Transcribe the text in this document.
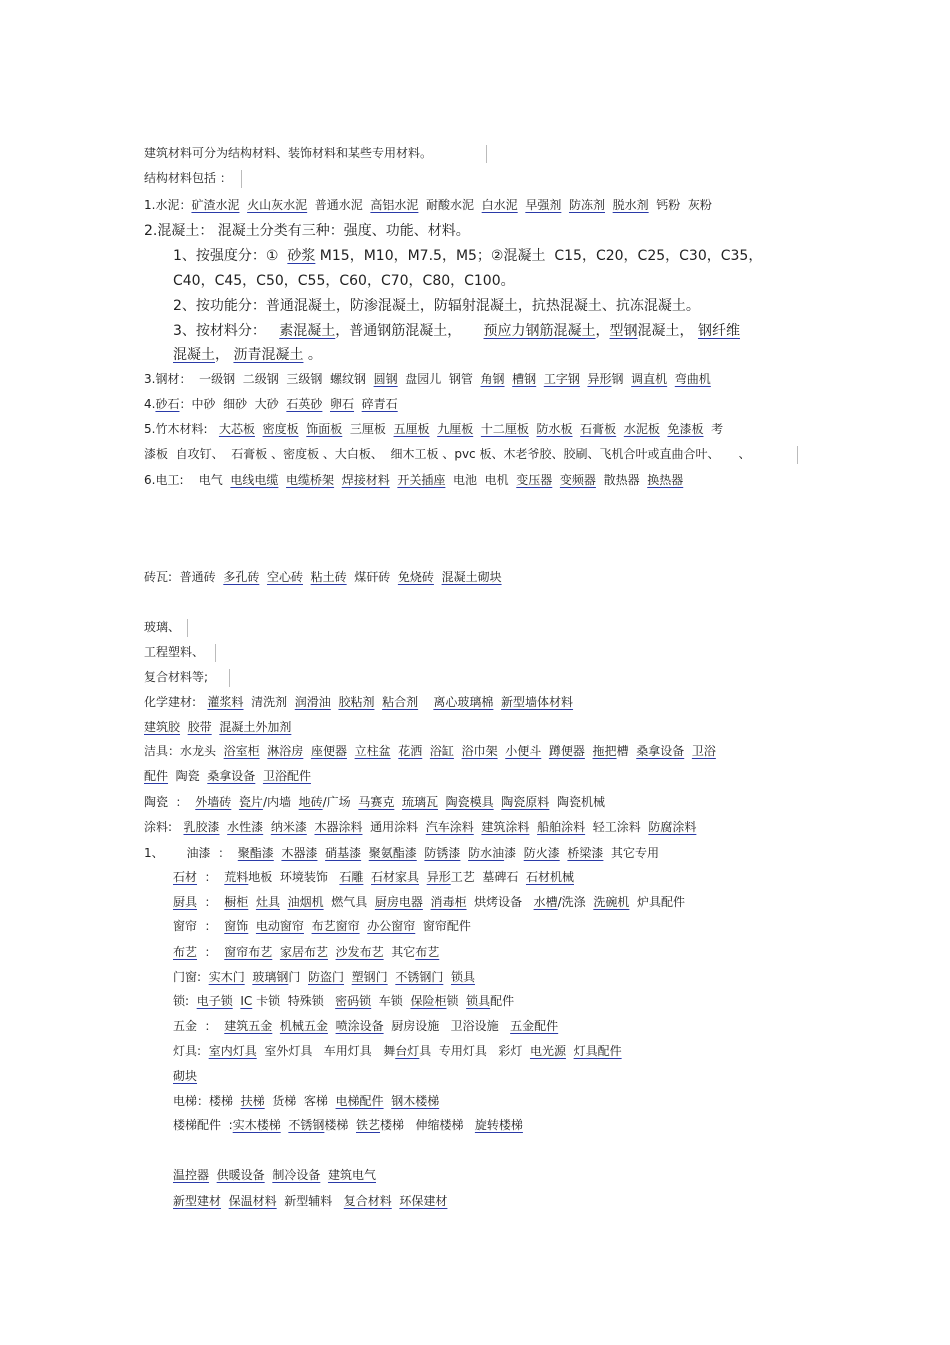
建筑材料可分为结构材料、装饰材料和某些专用材料。
结构材料包括 ：
1.水泥：矿渣水泥 火山灰水泥  普通水泥  高铝水泥  耐酸水泥  白水泥 早强剂 防冻剂 脱水剂  钙粉  灰粉
2.混凝土： 混凝土分类有三种：强度、功能、材料。
1、按强度分：①  砂浆 M15，M10，M7.5，M5；②混凝土  C15，C20，C25，C30，C35，
C40，C45，C50，C55，C60，C70，C80，C100。
2、按功能分：普通混凝土，防渗混凝土，防辐射混凝土，抗热混凝土、抗冻混凝土。
3、按材料分：   素混凝土，普通钢筋混凝土，     预应力钢筋混凝土，型钢混凝土， 钢纤维
混凝土， 沥青混凝土 。
3.钢材：  一级钢  二级钢  三级钢  螺纹钢  圆钢  盘园儿  钢管  角钢 槽钢 工字钢 异形钢  调直机 弯曲机
4.砂石：中砂  细砂  大砂  石英砂 卵石 碎青石
5.竹木材料:   大芯板 密度板 饰面板  三厘板  五厘板 九厘板 十二厘板 防水板 石膏板 水泥板 免漆板  考
漆板  自攻钉、  石膏板 、密度板 、大白板、  细木工板 、pvc 板、木老爷胶、胶刷、飞机合叶或直曲合叶、     、
6.电工:    电气  电线电缆 电缆桥架 焊接材料 开关插座  电池  电机  变压器 变频器  散热器  换热器
砖瓦:  普通砖  多孔砖 空心砖 粘土砖  煤矸砖  免烧砖 混凝土砌块
玻璃、
工程塑料、
复合材料等;
化学建材:   灌浆料  清洗剂  润滑油 胶粘剂 粘合剂 离心玻璃棉 新型墙体材料
建筑胶 胶带 混凝土外加剂
洁具：水龙头  浴室柜 淋浴房 座便器 立柱盆 花洒 浴缸 浴巾架 小便斗 蹲便器 拖把槽  桑拿设备 卫浴
配件  陶瓷  桑拿设备 卫浴配件
陶瓷  ：  外墙砖 瓷片/内墙  地砖/广场  马赛克 琉璃瓦 陶瓷模具 陶瓷原料  陶瓷机械
涂料:   乳胶漆 水性漆 纳米漆 木器涂料  通用涂料  汽车涂料 建筑涂料 船舶涂料  轻工涂料  防腐涂料
1、      油漆  ：  聚酯漆 木器漆 硝基漆 聚氨酯漆 防锈漆 防水油漆  防火漆 桥梁漆  其它专用
石材  ：  荒料地板  环境装饰   石雕 石材家具 异形工艺  墓碑石  石材机械
厨具  ：  橱柜 灶具 油烟机  燃气具  厨房电器 消毒柜  烘烤设备   水槽/洗涤  洗碗机  炉具配件
窗帘  ：  窗饰 电动窗帘 布艺窗帘 办公窗帘  窗帘配件
布艺  ：  窗帘布艺 家居布艺 沙发布艺  其它布艺
门窗:  实木门 玻璃钢门  防盗门 塑钢门 不锈钢门 锁具
锁:  电子锁 IC 卡锁  特殊锁   密码锁  车锁  保险柜锁  锁具配件
五金  ：  建筑五金 机械五金 喷涂设备  厨房设施   卫浴设施   五金配件
灯具:  室内灯具  室外灯具   车用灯具   舞台灯具  专用灯具   彩灯  电光源 灯具配件
砌块
电梯：楼梯  扶梯  货梯  客梯  电梯配件 钢木楼梯
楼梯配件  :实木楼梯 不锈钢楼梯  铁艺楼梯   伸缩楼梯   旋转楼梯
温控器 供暖设备 制冷设备 建筑电气
新型建材 保温材料  新型辅料   复合材料 环保建材
